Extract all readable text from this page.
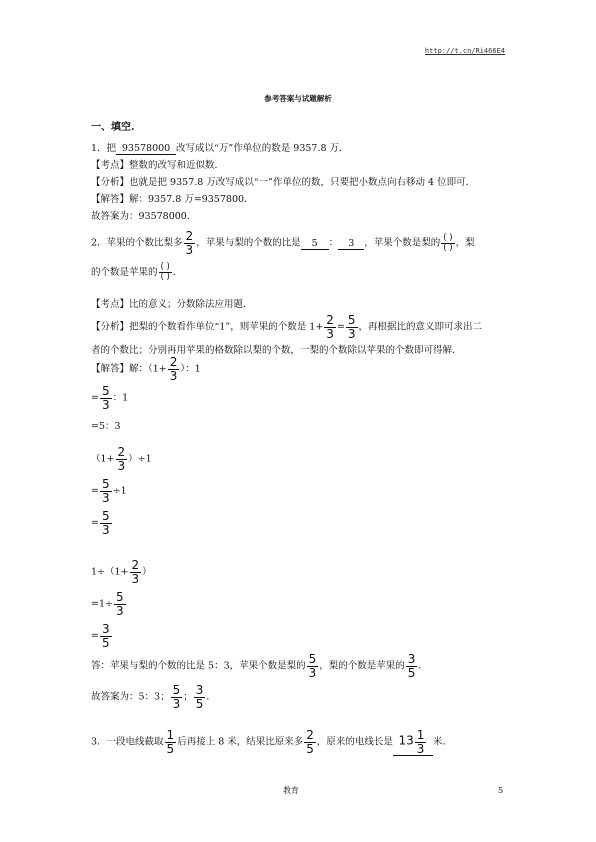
http://t.cn/Ri466E4
参考答案与试题解析
一、填空.
1．把 93578000 改写成以“万”作单位的数是 9357.8 万．
【考点】整数的改写和近似数．
【分析】也就是把 9357.8 万改写成以“一”作单位的数，只要把小数点向右移动 4 位即可．
【解答】解：9357.8 万=9357800．
故答案为：93578000．
2．苹果的个数比梨多 $\frac{2}{3}$ ，苹果与梨的个数的比是 5 ： 3 ，苹果个数是梨的 $\frac{( )}{( )}$ ，梨
的个数是苹果的 $\frac{( )}{( )}$ ．
【考点】比的意义；分数除法应用题．
【分析】把梨的个数看作单位“1”，则苹果的个数是 $1+ \frac{2}{3} = \frac{5}{3}$ ，再根据比的意义即可求出二
者的个数比；分别再用苹果的格数除以梨的个数，一梨的个数除以苹果的个数即可得解．
【解答】解：（$1+ \frac{2}{3}$ ）：1
= $\frac{5}{3}$ ：1
=5：3
$(1+ \frac{2}{3} )\div 1$
= $\frac{5}{3} \div 1$
= $\frac{5}{3}$
$1\div(1+ \frac{2}{3}$ ）
$=1\div \frac{5}{3}$
= $\frac{3}{5}$
答：苹果与梨的个数的比是 5：3，苹果个数是梨的 $\frac{5}{3}$ ，梨的个数是苹果的 $\frac{3}{5}$ ．
故答案为：5：3； $\frac{5}{3}$ ； $\frac{3}{5}$ ．
3．一段电线截取 $\frac{1}{5}$ 后再接上 8 米，结果比原来多 $\frac{2}{5}$ ，原来的电线长是 $13 \frac{1}{3}$ 米．
教育	5
